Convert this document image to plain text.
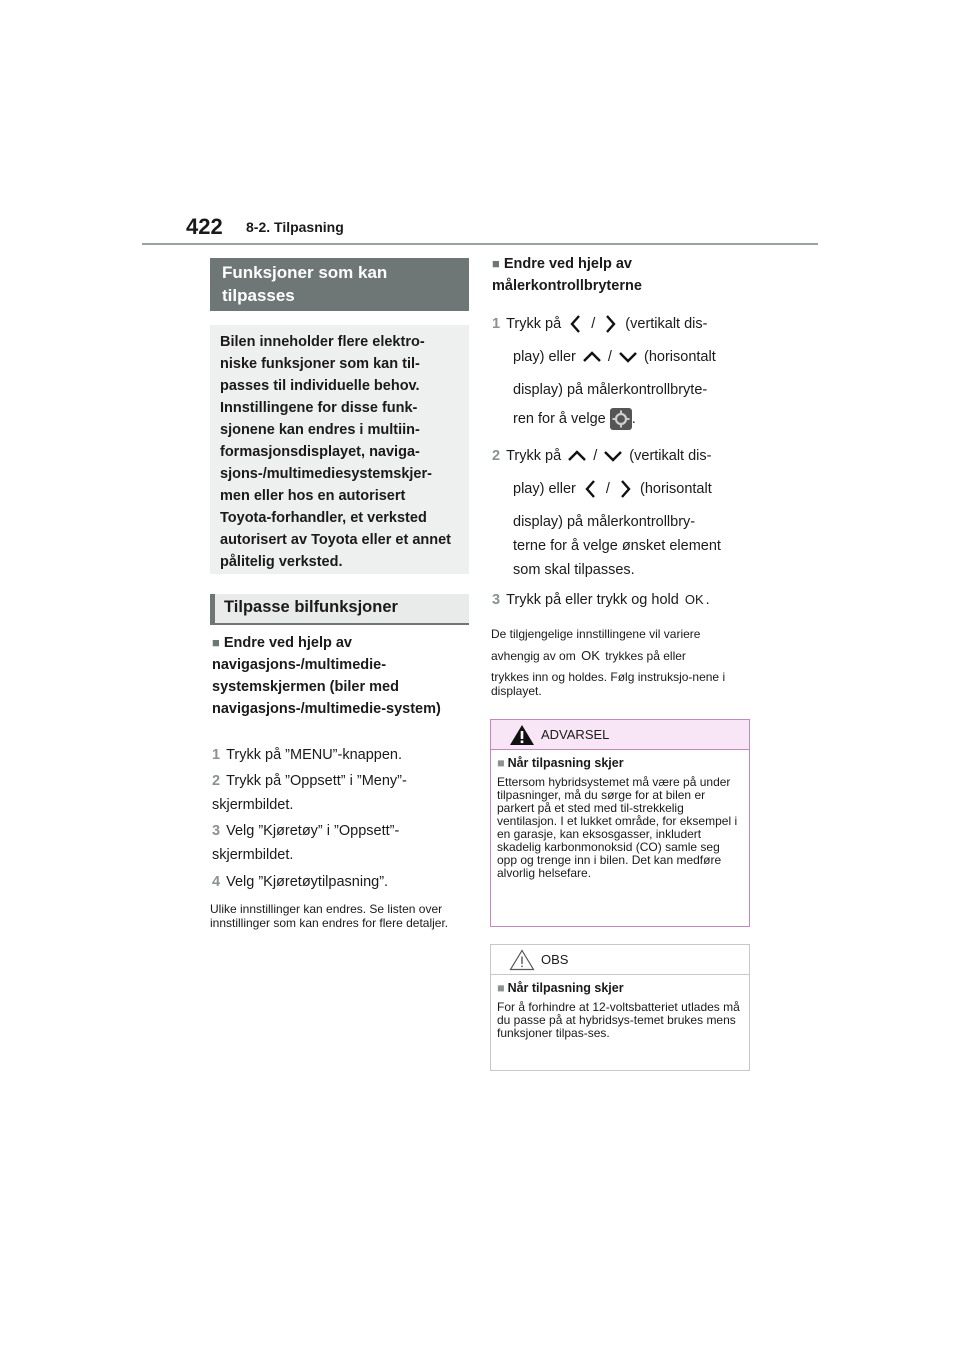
422 8-2. Tilpasning
Funksjoner som kan tilpasses

Bilen inneholder flere elektro-niske funksjoner som kan til-passes til individuelle behov. Innstillingene for disse funk-sjonene kan endres i multiin-formasjonsdisplayet, naviga-sjons-/multimediesystemskjer-men eller hos en autorisert Toyota-forhandler, et verksted autorisert av Toyota eller et annet pålitelig verksted.

Tilpasse bilfunksjoner
■ Endre ved hjelp av navigasjons-/multimedie-systemskjermen (biler med navigasjons-/multimedie-system)
1 Trykk på ”MENU”-knappen.
2 Trykk på ”Oppsett” i ”Meny”-skjermbildet.
3 Velg ”Kjøretøy” i ”Oppsett”-skjermbildet.
4 Velg ”Kjøretøytilpasning”.
Ulike innstillinger kan endres. Se listen over innstillinger som kan endres for flere detaljer.
■ Endre ved hjelp av målerkontrollbryterne
1 Trykk på / (vertikalt dis-
play) eller / (horisontalt
display) på målerkontrollbryte-
ren for å velge .
2 Trykk på / (vertikalt dis-
play) eller / (horisontalt
display) på målerkontrollbry-
terne for å velge ønsket element
som skal tilpasses.
3 Trykk på eller trykk og hold OK .
De tilgjengelige innstillingene vil variere
avhengig av om OK trykkes på eller
trykkes inn og holdes. Følg instruksjo-nene i displayet.
ADVARSEL
■ Når tilpasning skjer
Ettersom hybridsystemet må være på under tilpasninger, må du sørge for at bilen er parkert på et sted med til-strekkelig ventilasjon. I et lukket område, for eksempel i en garasje, kan eksosgasser, inkludert skadelig karbonmonoksid (CO) samle seg opp og trenge inn i bilen. Det kan medføre alvorlig helsefare.
OBS
■ Når tilpasning skjer
For å forhindre at 12-voltsbatteriet utlades må du passe på at hybridsys-temet brukes mens funksjoner tilpas-ses.
